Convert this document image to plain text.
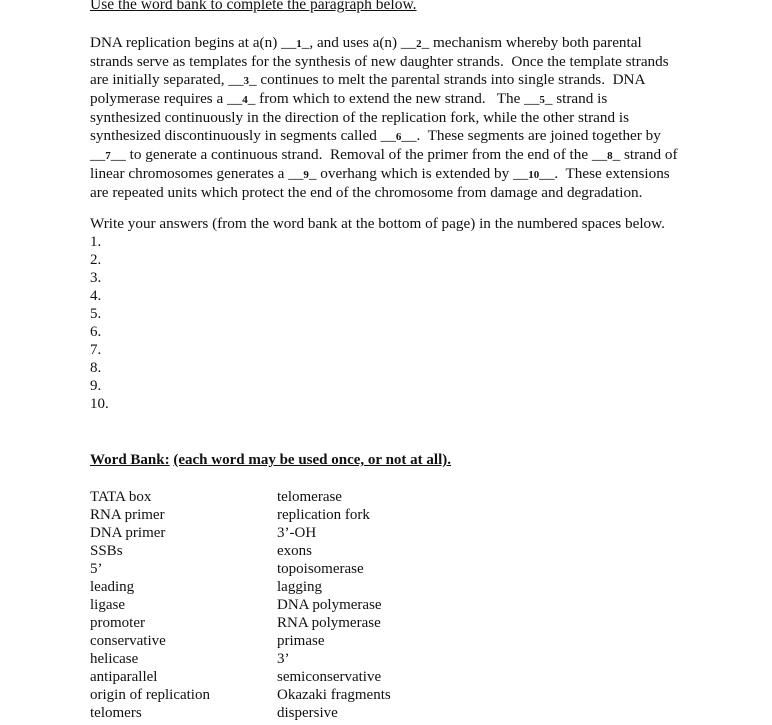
Use the word bank to complete the paragraph below.
DNA replication begins at a(n) __1_, and uses a(n) __2_ mechanism whereby both parental
strands serve as templates for the synthesis of new daughter strands.  Once the template strands
are initially separated, __3_ continues to melt the parental strands into single strands.  DNA
polymerase requires a __4_ from which to extend the new strand.   The __5_ strand is
synthesized continuously in the direction of the replication fork, while the other strand is
synthesized discontinuously in segments called __6__.  These segments are joined together by
__7__ to generate a continuous strand.  Removal of the primer from the end of the __8_ strand of
linear chromosomes generates a __9_ overhang which is extended by __10__.  These extensions
are repeated units which protect the end of the chromosome from damage and degradation.
Write your answers (from the word bank at the bottom of page) in the numbered spaces below.
1.
2.
3.
4.
5.
6.
7.
8.
9.
10.
Word Bank: (each word may be used once, or not at all).
TATA box
RNA primer
DNA primer
SSBs
5’
leading
ligase
promoter
conservative
helicase
antiparallel
origin of replication
telomers
telomerase
replication fork
3’-OH
exons
topoisomerase
lagging
DNA polymerase
RNA polymerase
primase
3’
semiconservative
Okazaki fragments
dispersive
